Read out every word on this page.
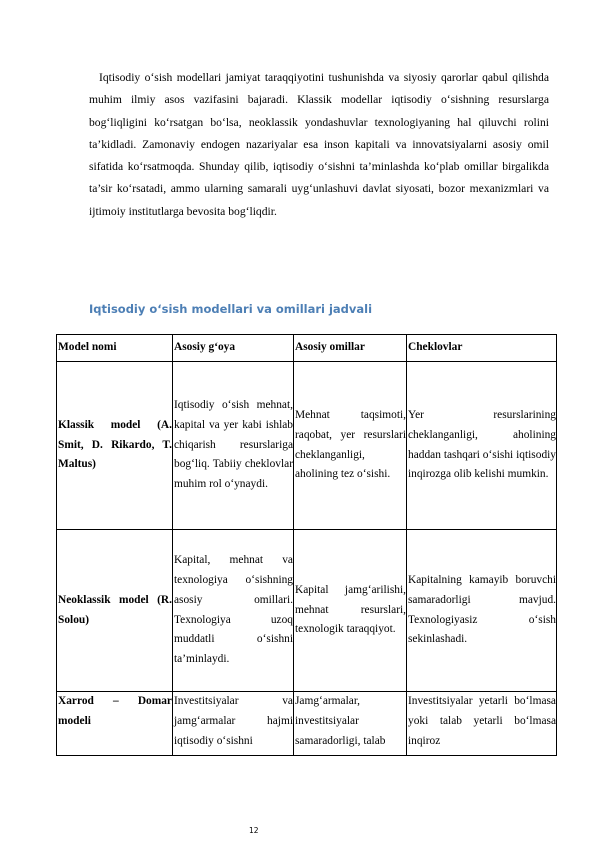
Iqtisodiy o‘sish modellari jamiyat taraqqiyotini tushunishda va siyosiy qarorlar qabul qilishda muhim ilmiy asos vazifasini bajaradi. Klassik modellar iqtisodiy o‘sishning resurslarga bog‘liqligini ko‘rsatgan bo‘lsa, neoklassik yondashuvlar texnologiyaning hal qiluvchi rolini ta’kidladi. Zamonaviy endogen nazariyalar esa inson kapitali va innovatsiyalarni asosiy omil sifatida ko‘rsatmoqda. Shunday qilib, iqtisodiy o‘sishni ta’minlashda ko‘plab omillar birgalikda ta’sir ko‘rsatadi, ammo ularning samarali uyg‘unlashuvi davlat siyosati, bozor mexanizmlari va ijtimoiy institutlarga bevosita bog‘liqdir.

Iqtisodiy o‘sish modellari va omillari jadvali
Model nomi	Asosiy g‘oya	Asosiy omillar	Cheklovlar
Klassik model (A. Smit, D. Rikardo, T. Maltus)	Iqtisodiy o‘sish mehnat, kapital va yer kabi ishlab chiqarish resurslariga bog‘liq. Tabiiy cheklovlar muhim rol o‘ynaydi.	Mehnat taqsimoti, raqobat, yer resurslari cheklanganligi, aholining tez o‘sishi.	Yer resurslarining cheklanganligi, aholining haddan tashqari o‘sishi iqtisodiy inqirozga olib kelishi mumkin.
Neoklassik model (R. Solou)	Kapital, mehnat va texnologiya o‘sishning asosiy omillari. Texnologiya uzoq muddatli o‘sishni ta’minlaydi.	Kapital jamg‘arilishi, mehnat resurslari, texnologik taraqqiyot.	Kapitalning kamayib boruvchi samaradorligi mavjud. Texnologiyasiz o‘sish sekinlashadi.
Xarrod – Domar modeli	Investitsiyalar va jamg‘armalar hajmi iqtisodiy o‘sishni	Jamg‘armalar, investitsiyalar samaradorligi, talab	Investitsiyalar yetarli bo‘lmasa yoki talab yetarli bo‘lmasa inqiroz
12
